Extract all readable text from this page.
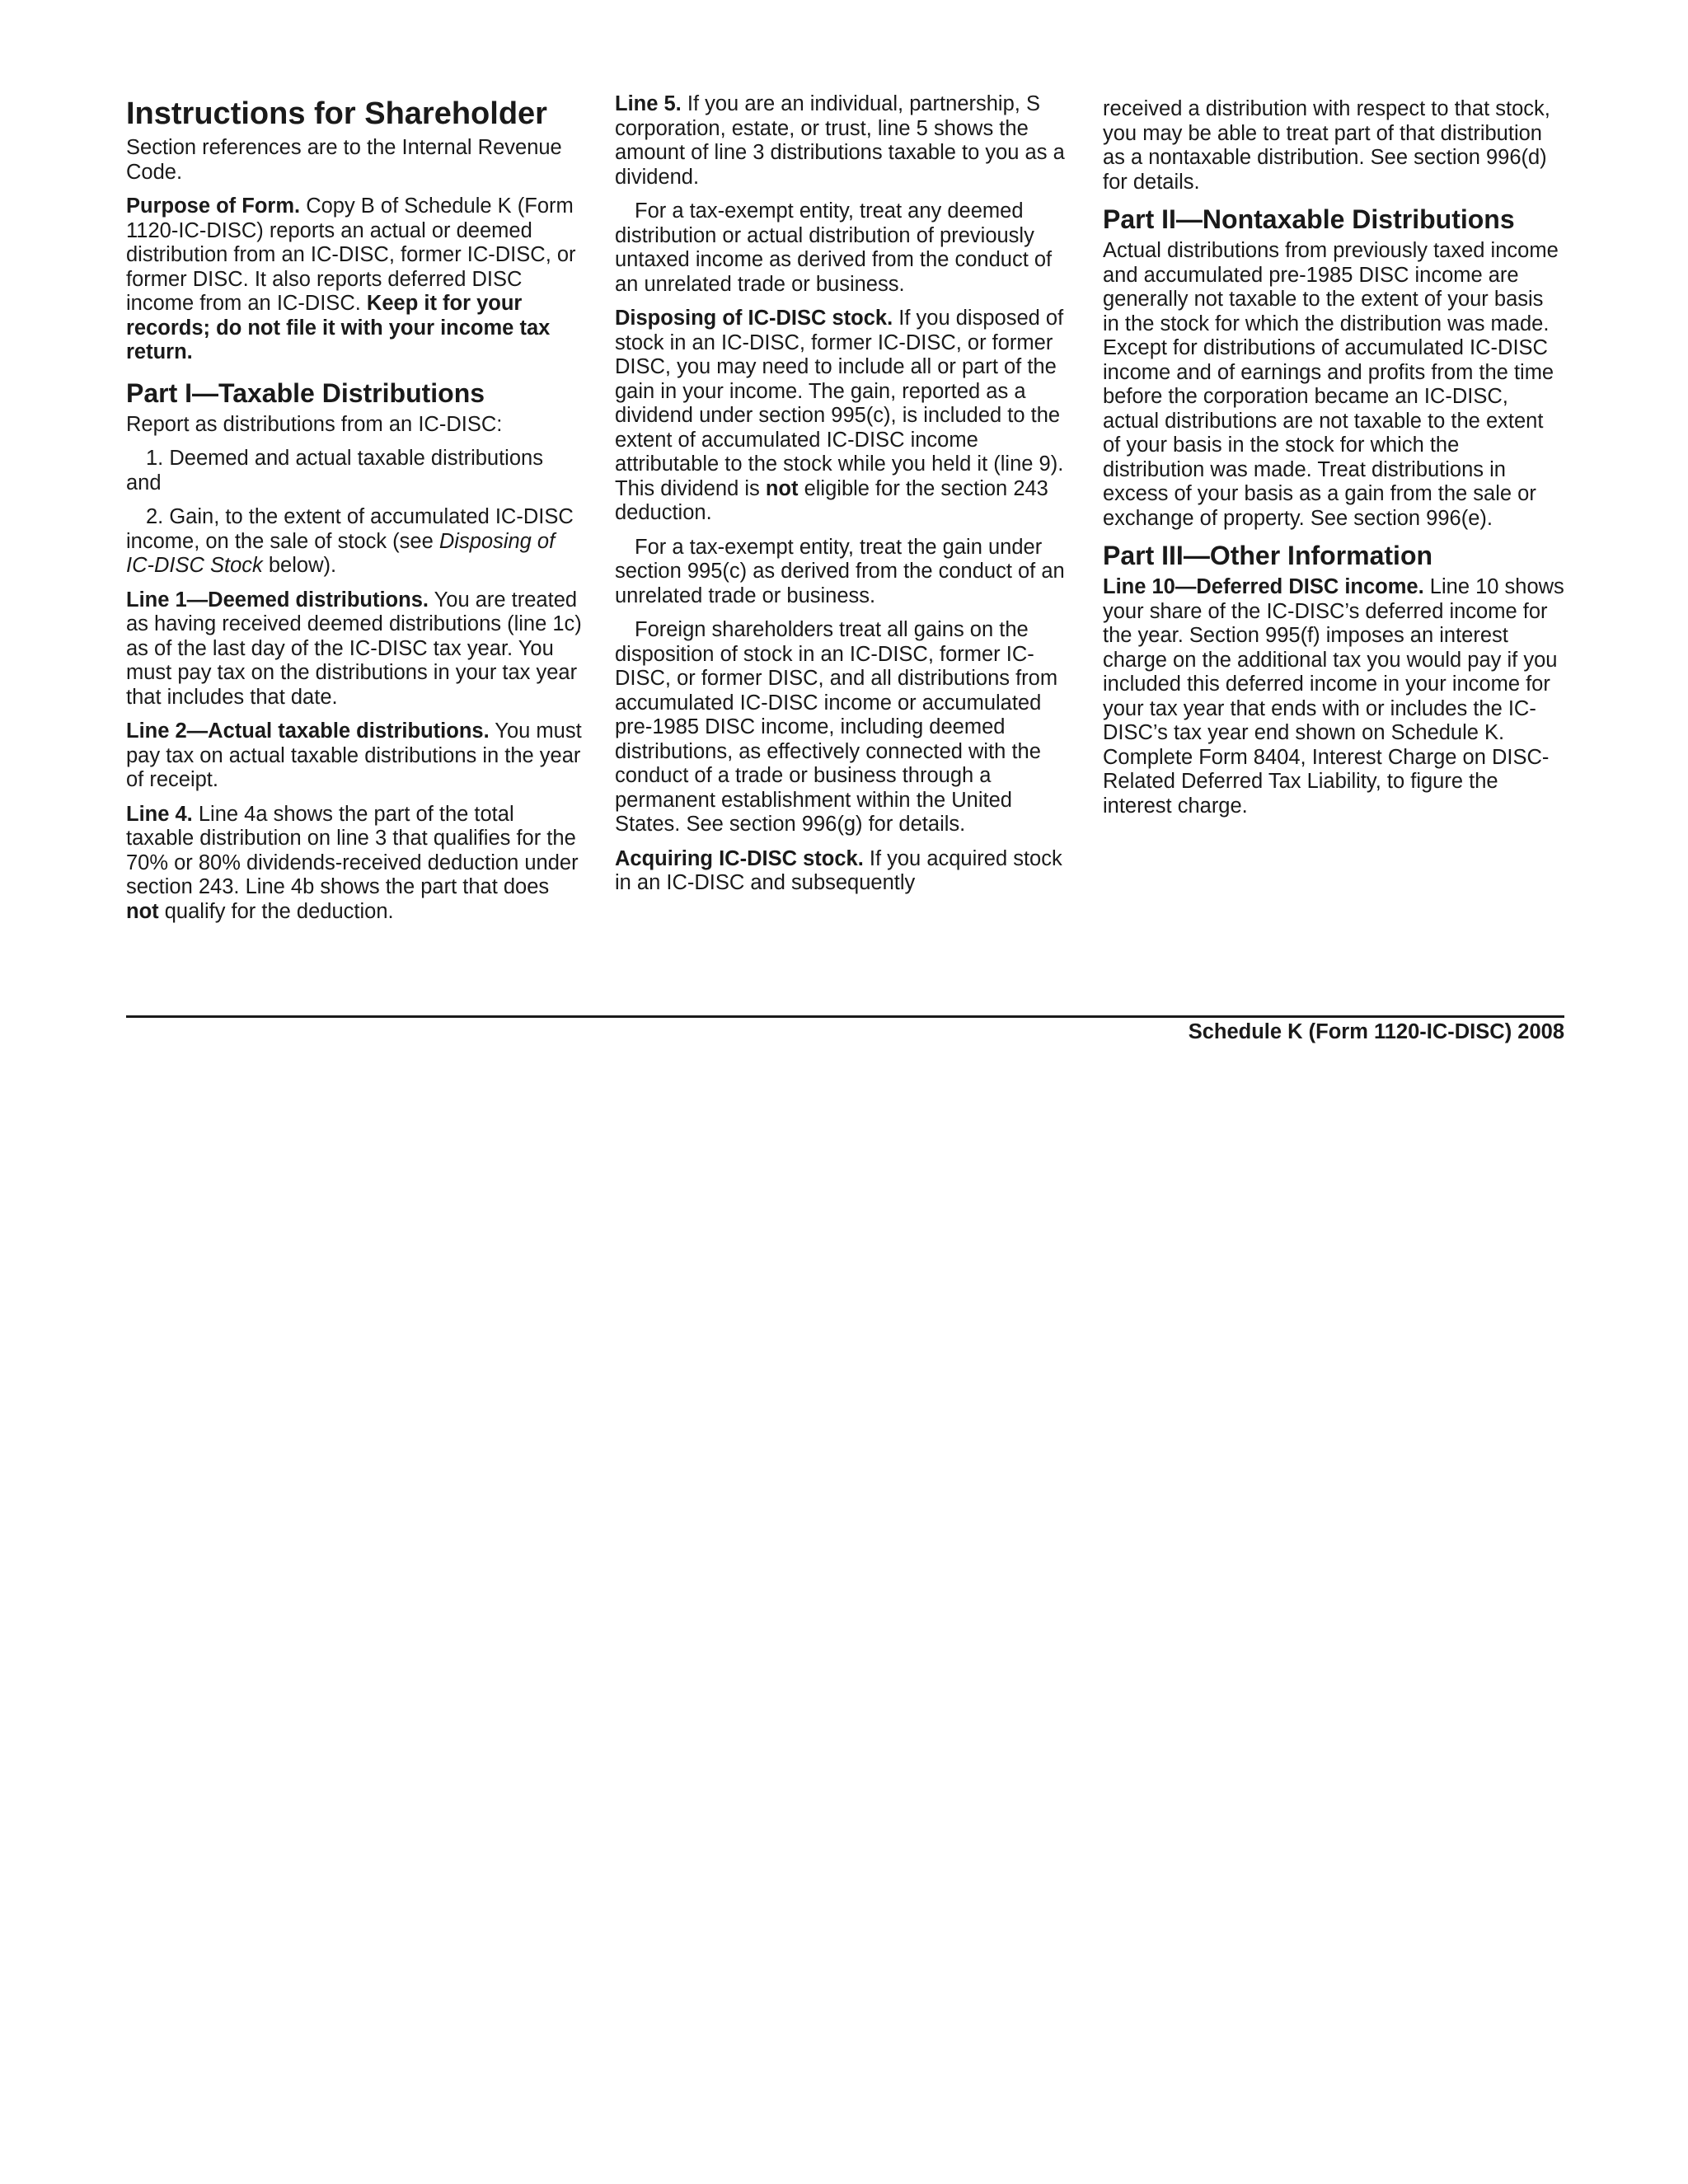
Instructions for Shareholder

Section references are to the Internal Revenue Code.

Purpose of Form. Copy B of Schedule K (Form 1120-IC-DISC) reports an actual or deemed distribution from an IC-DISC, former IC-DISC, or former DISC. It also reports deferred DISC income from an IC-DISC. Keep it for your records; do not file it with your income tax return.

Part I—Taxable Distributions

Report as distributions from an IC-DISC:

1. Deemed and actual taxable distributions and

2. Gain, to the extent of accumulated IC-DISC income, on the sale of stock (see Disposing of IC-DISC Stock below).

Line 1—Deemed distributions. You are treated as having received deemed distributions (line 1c) as of the last day of the IC-DISC tax year. You must pay tax on the distributions in your tax year that includes that date.

Line 2—Actual taxable distributions. You must pay tax on actual taxable distributions in the year of receipt.

Line 4. Line 4a shows the part of the total taxable distribution on line 3 that qualifies for the 70% or 80% dividends-received deduction under section 243. Line 4b shows the part that does not qualify for the deduction.

Line 5. If you are an individual, partnership, S corporation, estate, or trust, line 5 shows the amount of line 3 distributions taxable to you as a dividend.

For a tax-exempt entity, treat any deemed distribution or actual distribution of previously untaxed income as derived from the conduct of an unrelated trade or business.

Disposing of IC-DISC stock. If you disposed of stock in an IC-DISC, former IC-DISC, or former DISC, you may need to include all or part of the gain in your income. The gain, reported as a dividend under section 995(c), is included to the extent of accumulated IC-DISC income attributable to the stock while you held it (line 9). This dividend is not eligible for the section 243 deduction.

For a tax-exempt entity, treat the gain under section 995(c) as derived from the conduct of an unrelated trade or business.

Foreign shareholders treat all gains on the disposition of stock in an IC-DISC, former IC-DISC, or former DISC, and all distributions from accumulated IC-DISC income or accumulated pre-1985 DISC income, including deemed distributions, as effectively connected with the conduct of a trade or business through a permanent establishment within the United States. See section 996(g) for details.

Acquiring IC-DISC stock. If you acquired stock in an IC-DISC and subsequently

received a distribution with respect to that stock, you may be able to treat part of that distribution as a nontaxable distribution. See section 996(d) for details.

Part II—Nontaxable Distributions

Actual distributions from previously taxed income and accumulated pre-1985 DISC income are generally not taxable to the extent of your basis in the stock for which the distribution was made. Except for distributions of accumulated IC-DISC income and of earnings and profits from the time before the corporation became an IC-DISC, actual distributions are not taxable to the extent of your basis in the stock for which the distribution was made. Treat distributions in excess of your basis as a gain from the sale or exchange of property. See section 996(e).

Part III—Other Information

Line 10—Deferred DISC income. Line 10 shows your share of the IC-DISC’s deferred income for the year. Section 995(f) imposes an interest charge on the additional tax you would pay if you included this deferred income in your income for your tax year that ends with or includes the IC-DISC’s tax year end shown on Schedule K. Complete Form 8404, Interest Charge on DISC-Related Deferred Tax Liability, to figure the interest charge.

Schedule K (Form 1120-IC-DISC) 2008
